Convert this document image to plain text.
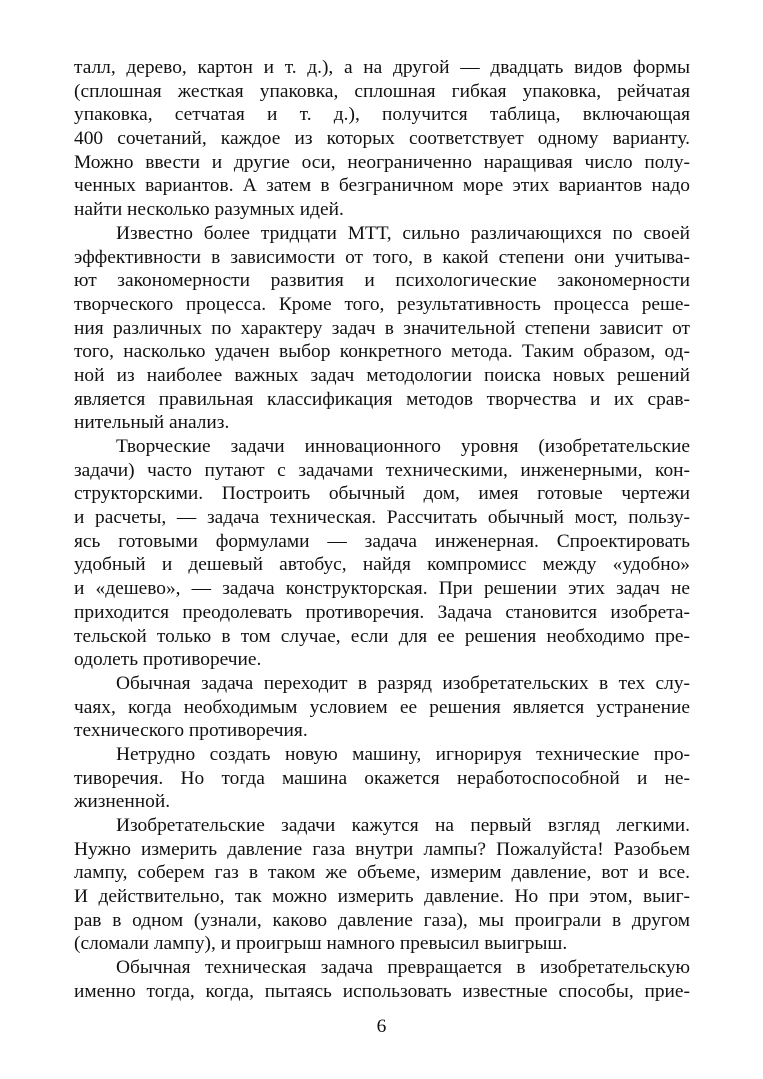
талл, дерево, картон и т. д.), а на другой — двадцать видов формы
(сплошная жесткая упаковка, сплошная гибкая упаковка, рейчатая
упаковка, сетчатая и т. д.), получится таблица, включающая
400 сочетаний, каждое из которых соответствует одному варианту.
Можно ввести и другие оси, неограниченно наращивая число полу-
ченных вариантов. А затем в безграничном море этих вариантов надо
найти несколько разумных идей.
Известно более тридцати МТТ, сильно различающихся по своей
эффективности в зависимости от того, в какой степени они учитыва-
ют закономерности развития и психологические закономерности
творческого процесса. Кроме того, результативность процесса реше-
ния различных по характеру задач в значительной степени зависит от
того, насколько удачен выбор конкретного метода. Таким образом, од-
ной из наиболее важных задач методологии поиска новых решений
является правильная классификация методов творчества и их срав-
нительный анализ.
Творческие задачи инновационного уровня (изобретательские
задачи) часто путают с задачами техническими, инженерными, кон-
структорскими. Построить обычный дом, имея готовые чертежи
и расчеты, — задача техническая. Рассчитать обычный мост, пользу-
ясь готовыми формулами — задача инженерная. Спроектировать
удобный и дешевый автобус, найдя компромисс между «удобно»
и «дешево», — задача конструкторская. При решении этих задач не
приходится преодолевать противоречия. Задача становится изобрета-
тельской только в том случае, если для ее решения необходимо пре-
одолеть противоречие.
Обычная задача переходит в разряд изобретательских в тех слу-
чаях, когда необходимым условием ее решения является устранение
технического противоречия.
Нетрудно создать новую машину, игнорируя технические про-
тиворечия. Но тогда машина окажется неработоспособной и не-
жизненной.
Изобретательские задачи кажутся на первый взгляд легкими.
Нужно измерить давление газа внутри лампы? Пожалуйста! Разобьем
лампу, соберем газ в таком же объеме, измерим давление, вот и все.
И действительно, так можно измерить давление. Но при этом, выиг-
рав в одном (узнали, каково давление газа), мы проиграли в другом
(сломали лампу), и проигрыш намного превысил выигрыш.
Обычная техническая задача превращается в изобретательскую
именно тогда, когда, пытаясь использовать известные способы, прие-
6
